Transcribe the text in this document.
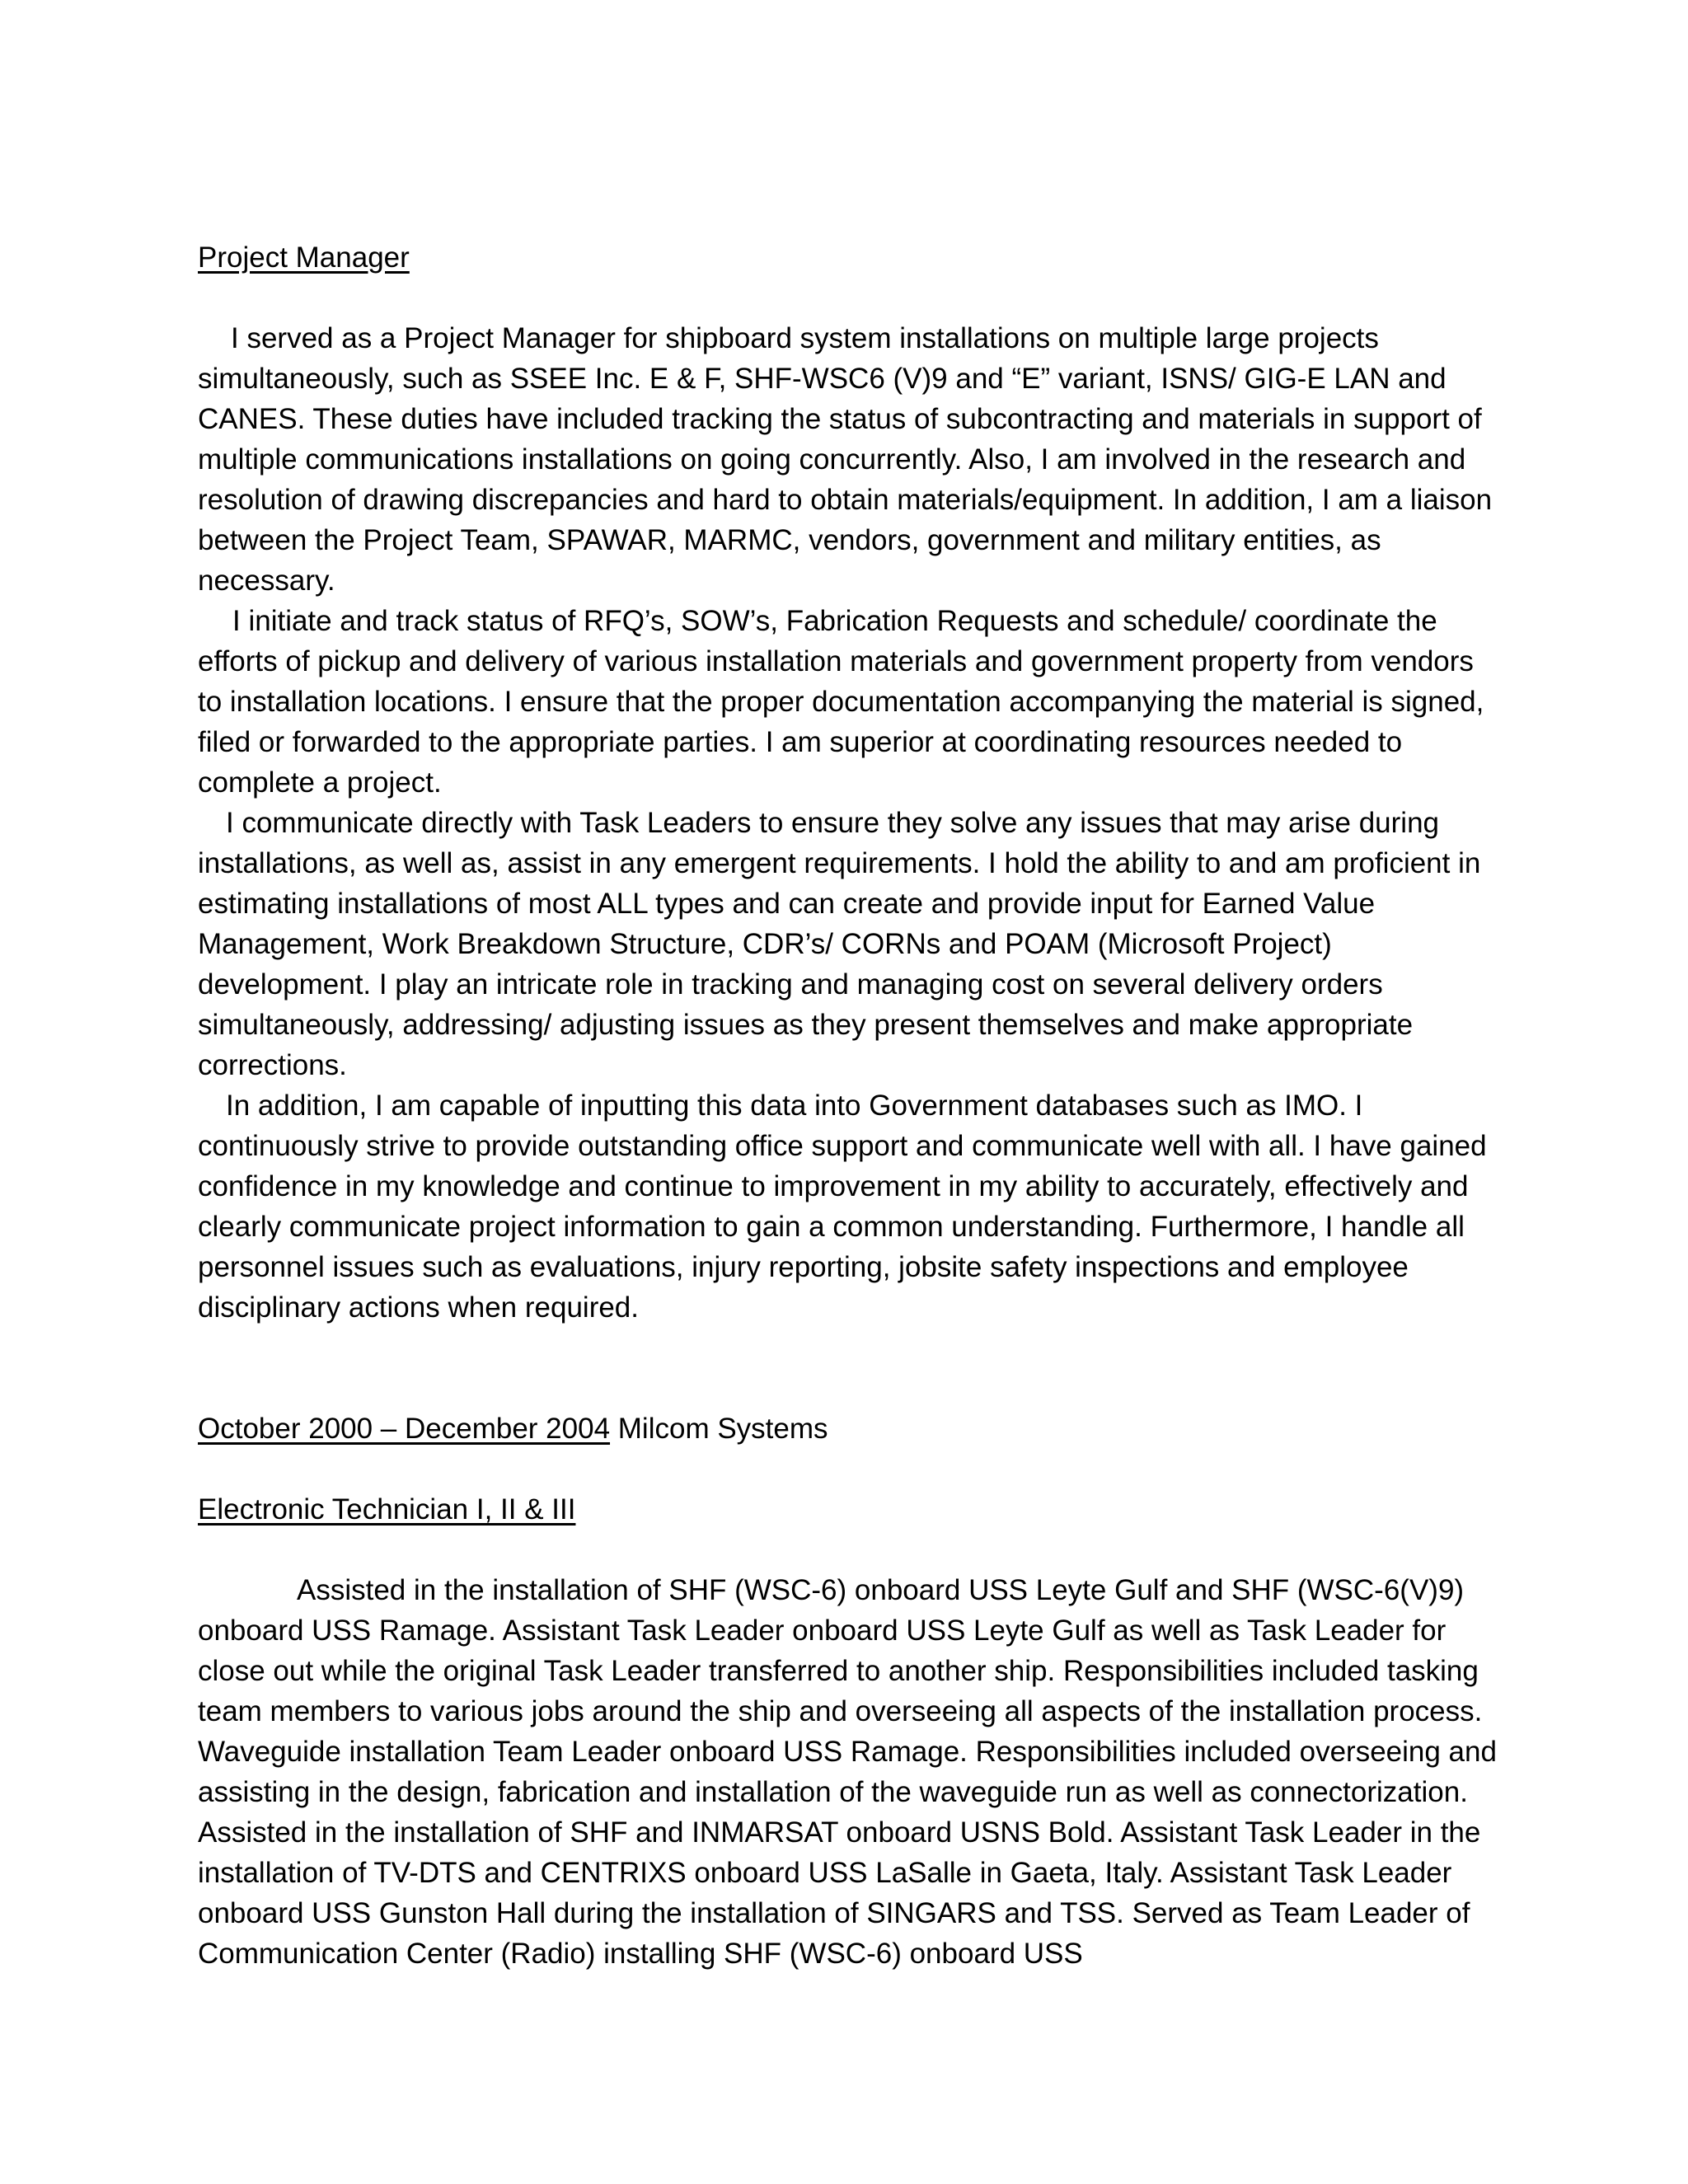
Project Manager

I served as a Project Manager for shipboard system installations on multiple large projects simultaneously, such as SSEE Inc. E & F, SHF-WSC6 (V)9 and “E” variant, ISNS/ GIG-E LAN and CANES. These duties have included tracking the status of subcontracting and materials in support of multiple communications installations on going concurrently. Also, I am involved in the research and resolution of drawing discrepancies and hard to obtain materials/equipment. In addition, I am a liaison between the Project Team, SPAWAR, MARMC, vendors, government and military entities, as necessary.

I initiate and track status of RFQ’s, SOW’s, Fabrication Requests and schedule/ coordinate the efforts of pickup and delivery of various installation materials and government property from vendors to installation locations. I ensure that the proper documentation accompanying the material is signed, filed or forwarded to the appropriate parties. I am superior at coordinating resources needed to complete a project.

I communicate directly with Task Leaders to ensure they solve any issues that may arise during installations, as well as, assist in any emergent requirements. I hold the ability to and am proficient in estimating installations of most ALL types and can create and provide input for Earned Value Management, Work Breakdown Structure, CDR’s/ CORNs and POAM (Microsoft Project) development. I play an intricate role in tracking and managing cost on several delivery orders simultaneously, addressing/ adjusting issues as they present themselves and make appropriate corrections.

In addition, I am capable of inputting this data into Government databases such as IMO. I continuously strive to provide outstanding office support and communicate well with all. I have gained confidence in my knowledge and continue to improvement in my ability to accurately, effectively and clearly communicate project information to gain a common understanding. Furthermore, I handle all personnel issues such as evaluations, injury reporting, jobsite safety inspections and employee disciplinary actions when required.

October 2000 – December 2004 Milcom Systems

Electronic Technician I, II & III

Assisted in the installation of SHF (WSC-6) onboard USS Leyte Gulf and SHF (WSC-6(V)9) onboard USS Ramage. Assistant Task Leader onboard USS Leyte Gulf as well as Task Leader for close out while the original Task Leader transferred to another ship. Responsibilities included tasking team members to various jobs around the ship and overseeing all aspects of the installation process. Waveguide installation Team Leader onboard USS Ramage. Responsibilities included overseeing and assisting in the design, fabrication and installation of the waveguide run as well as connectorization. Assisted in the installation of SHF and INMARSAT onboard USNS Bold. Assistant Task Leader in the installation of TV-DTS and CENTRIXS onboard USS LaSalle in Gaeta, Italy. Assistant Task Leader onboard USS Gunston Hall during the installation of SINGARS and TSS. Served as Team Leader of Communication Center (Radio) installing SHF (WSC-6) onboard USS
